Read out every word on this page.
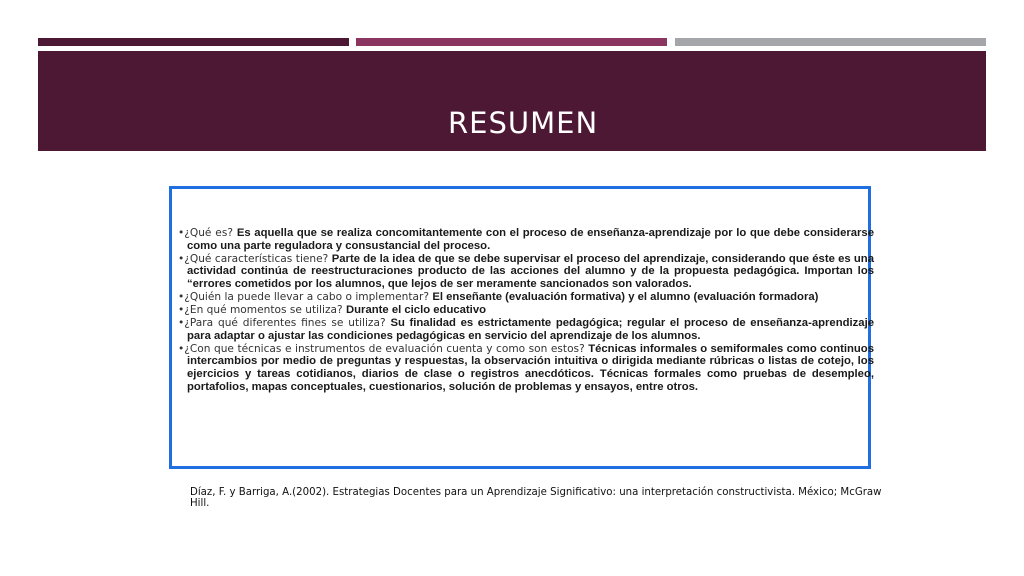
RESUMEN
•¿Qué es? Es aquella que se realiza concomitantemente con el proceso de enseñanza-aprendizaje por lo que debe considerarse como una parte reguladora y consustancial del proceso.
•¿Qué características tiene? Parte de la idea de que se debe supervisar el proceso del aprendizaje, considerando que éste es una actividad continúa de reestructuraciones producto de las acciones del alumno y de la propuesta pedagógica. Importan los “errores cometidos por los alumnos, que lejos de ser meramente sancionados son valorados.
•¿Quién la puede llevar a cabo o implementar? El enseñante (evaluación formativa) y el alumno (evaluación formadora)
•¿En qué momentos se utiliza? Durante el ciclo educativo
•¿Para qué diferentes fines se utiliza? Su finalidad es estrictamente pedagógica; regular el proceso de enseñanza-aprendizaje para adaptar o ajustar las condiciones pedagógicas en servicio del aprendizaje de los alumnos.
•¿Con que técnicas e instrumentos de evaluación cuenta y como son estos? Técnicas informales o semiformales como continuos intercambios por medio de preguntas y respuestas, la observación intuitiva o dirigida mediante rúbricas o listas de cotejo, los ejercicios y tareas cotidianos, diarios de clase o registros anecdóticos. Técnicas formales como pruebas de desempleo, portafolios, mapas conceptuales, cuestionarios, solución de problemas y ensayos, entre otros.
Díaz, F. y Barriga, A.(2002). Estrategias Docentes para un Aprendizaje Significativo: una interpretación constructivista. México; McGraw Hill.
